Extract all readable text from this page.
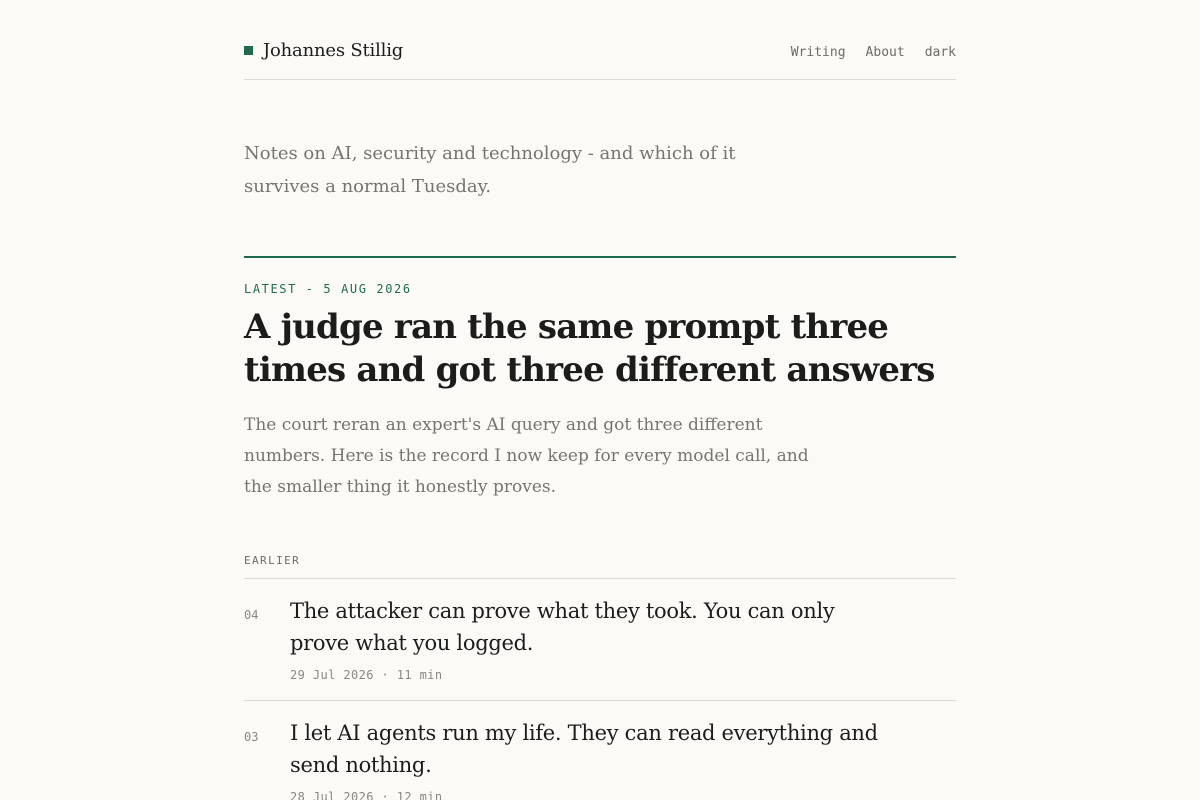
Johannes Stillig	Writing About dark

Notes on AI, security and technology - and which of it survives a normal Tuesday.

LATEST - 5 AUG 2026
A judge ran the same prompt three times and got three different answers

The court reran an expert's AI query and got three different numbers. Here is the record I now keep for every model call, and the smaller thing it honestly proves.

EARLIER
04 The attacker can prove what they took. You can only prove what you logged.
29 Jul 2026 · 11 min
03 I let AI agents run my life. They can read everything and send nothing.
28 Jul 2026 · 12 min
